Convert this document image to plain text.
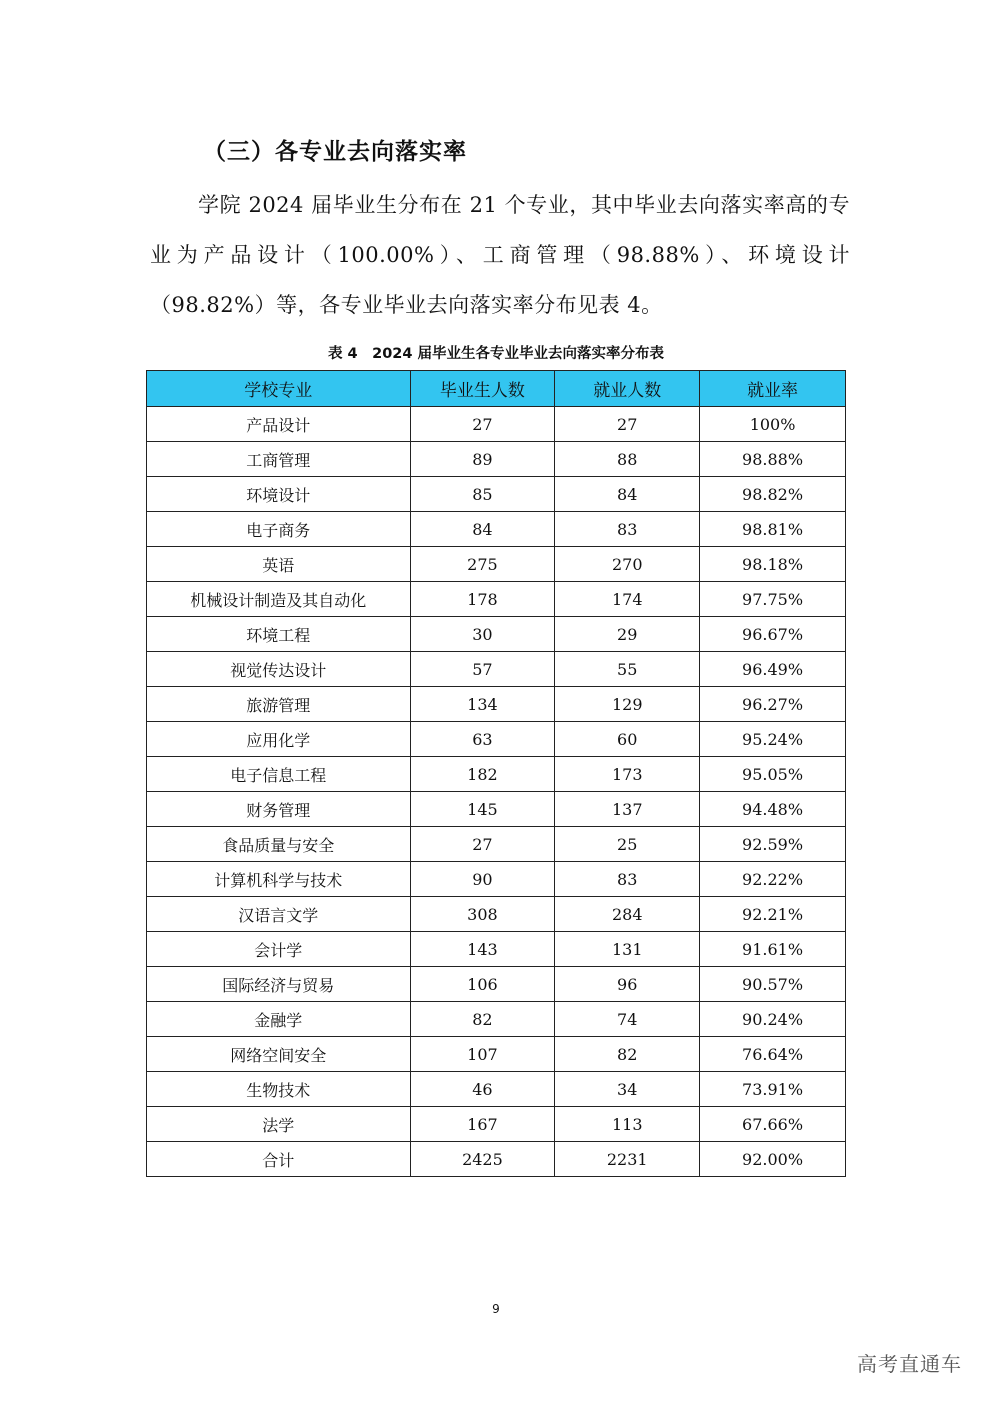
（三）各专业去向落实率

学院 2024 届毕业生分布在 21 个专业，其中毕业去向落实率高的专业为产品设计（100.00%）、工商管理（98.88%）、环境设计（98.82%）等，各专业毕业去向落实率分布见表 4。

表 4　2024 届毕业生各专业毕业去向落实率分布表

学校专业	毕业生人数	就业人数	就业率
产品设计	27	27	100%
工商管理	89	88	98.88%
环境设计	85	84	98.82%
电子商务	84	83	98.81%
英语	275	270	98.18%
机械设计制造及其自动化	178	174	97.75%
环境工程	30	29	96.67%
视觉传达设计	57	55	96.49%
旅游管理	134	129	96.27%
应用化学	63	60	95.24%
电子信息工程	182	173	95.05%
财务管理	145	137	94.48%
食品质量与安全	27	25	92.59%
计算机科学与技术	90	83	92.22%
汉语言文学	308	284	92.21%
会计学	143	131	91.61%
国际经济与贸易	106	96	90.57%
金融学	82	74	90.24%
网络空间安全	107	82	76.64%
生物技术	46	34	73.91%
法学	167	113	67.66%
合计	2425	2231	92.00%
9
高考直通车
